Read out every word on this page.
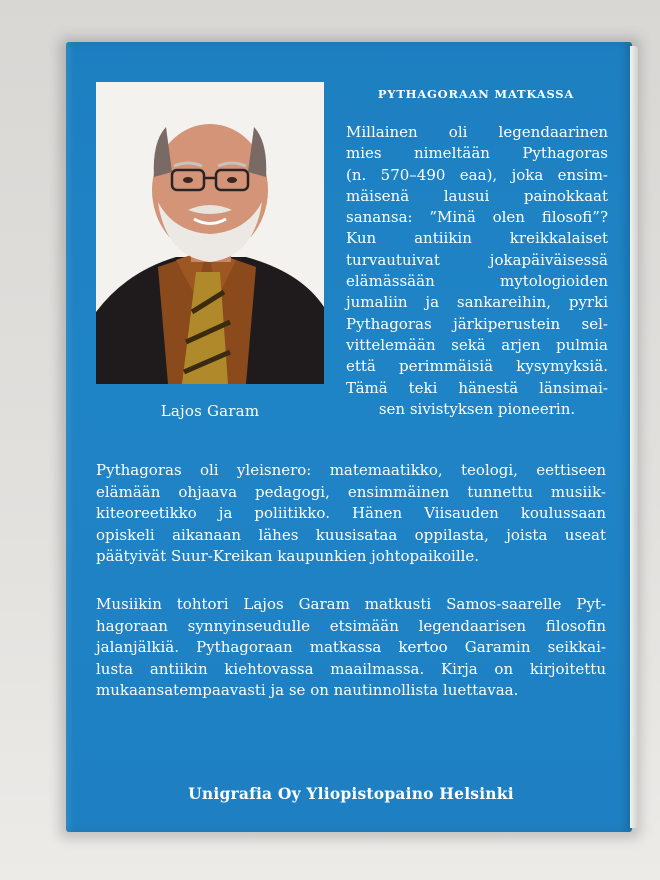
Lajos Garam
PYTHAGORAAN MATKASSA
Millainen oli legendaarinen
mies nimeltään Pythagoras
(n. 570–490 eaa), joka ensim-
mäisenä lausui painokkaat
sanansa: ”Minä olen filosofi”?
Kun antiikin kreikkalaiset
turvautuivat jokapäiväisessä
elämässään mytologioiden
jumaliin ja sankareihin, pyrki
Pythagoras järkiperustein sel-
vittelemään sekä arjen pulmia
että perimmäisiä kysymyksiä.
Tämä teki hänestä länsimai-
sen sivistyksen pioneerin.
Pythagoras oli yleisnero: matemaatikko, teologi, eettiseen
elämään ohjaava pedagogi, ensimmäinen tunnettu musiik-
kiteoreetikko ja poliitikko. Hänen Viisauden koulussaan
opiskeli aikanaan lähes kuusisataa oppilasta, joista useat
päätyivät Suur-Kreikan kaupunkien johtopaikoille.
Musiikin tohtori Lajos Garam matkusti Samos-saarelle Pyt-
hagoraan synnyinseudulle etsimään legendaarisen filosofin
jalanjälkiä. Pythagoraan matkassa kertoo Garamin seikkai-
lusta antiikin kiehtovassa maailmassa. Kirja on kirjoitettu
mukaansatempaavasti ja se on nautinnollista luettavaa.
Unigrafia Oy Yliopistopaino Helsinki
